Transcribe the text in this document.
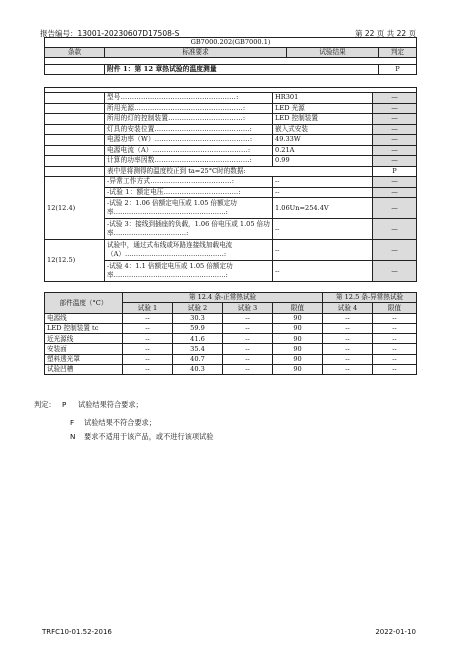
报告编号：13001-20230607D17508-S	第 22 页 共 22 页
GB7000.202(GB7000.1)			
条款	标准要求	试验结果	判定

	附件 1：第 12 章热试验的温度测量		P

	型号……………………………………………:	HR301	—
	所用光源…………………………………………:	LED 光源	—
	所用的灯的控制装置……………………………:	LED 控制装置	—
	灯具的安装位置……………………………………:	嵌入式安装	—
	电源功率（W）……………………………………:	49.33W	—
	电源电流（A）……………………………………:	0.21A	—
	计算的功率因数……………………………………:	0.99	—
	表中是将测得的温度校正到 ta=25°C时的数据:		P
12(12.4)	-异常工作方式………………………………:	--	—
	-试验 1：额定电压……………………………:	--	—
	-试验 2：1.06 倍额定电压或 1.05 倍额定功率……………………………………………:	1.06Un=254.4V	—
	-试验 3：接线到插座的负载，1.06 倍电压或 1.05 倍功率……………………………:	--	—
12(12.5)	试验中，通过式布线或环路连接线加载电流（A）………………………………………:	--	—
	-试验 4：1.1 倍额定电压或 1.05 倍额定功率……………………………………………:	--	—
部件温度（°C）	第 12.4 条-正常热试验				第 12.5 条-异常热试验	
	试验 1	试验 2	试验 3	限值	试验 4	限值
电源线	--	30.3	--	90	--	--
LED 控制装置 tc	--	59.9	--	90	--	--
近光源线	--	41.6	--	90	--	--
安装面	--	35.4	--	90	--	--
塑料透光罩	--	40.7	--	90	--	--
试验凹槽	--	40.3	--	90	--	--
判定： P 试验结果符合要求；
F 试验结果不符合要求；
N 要求不适用于该产品，或不进行该项试验
TRFC10-01.52-2016	2022-01-10
